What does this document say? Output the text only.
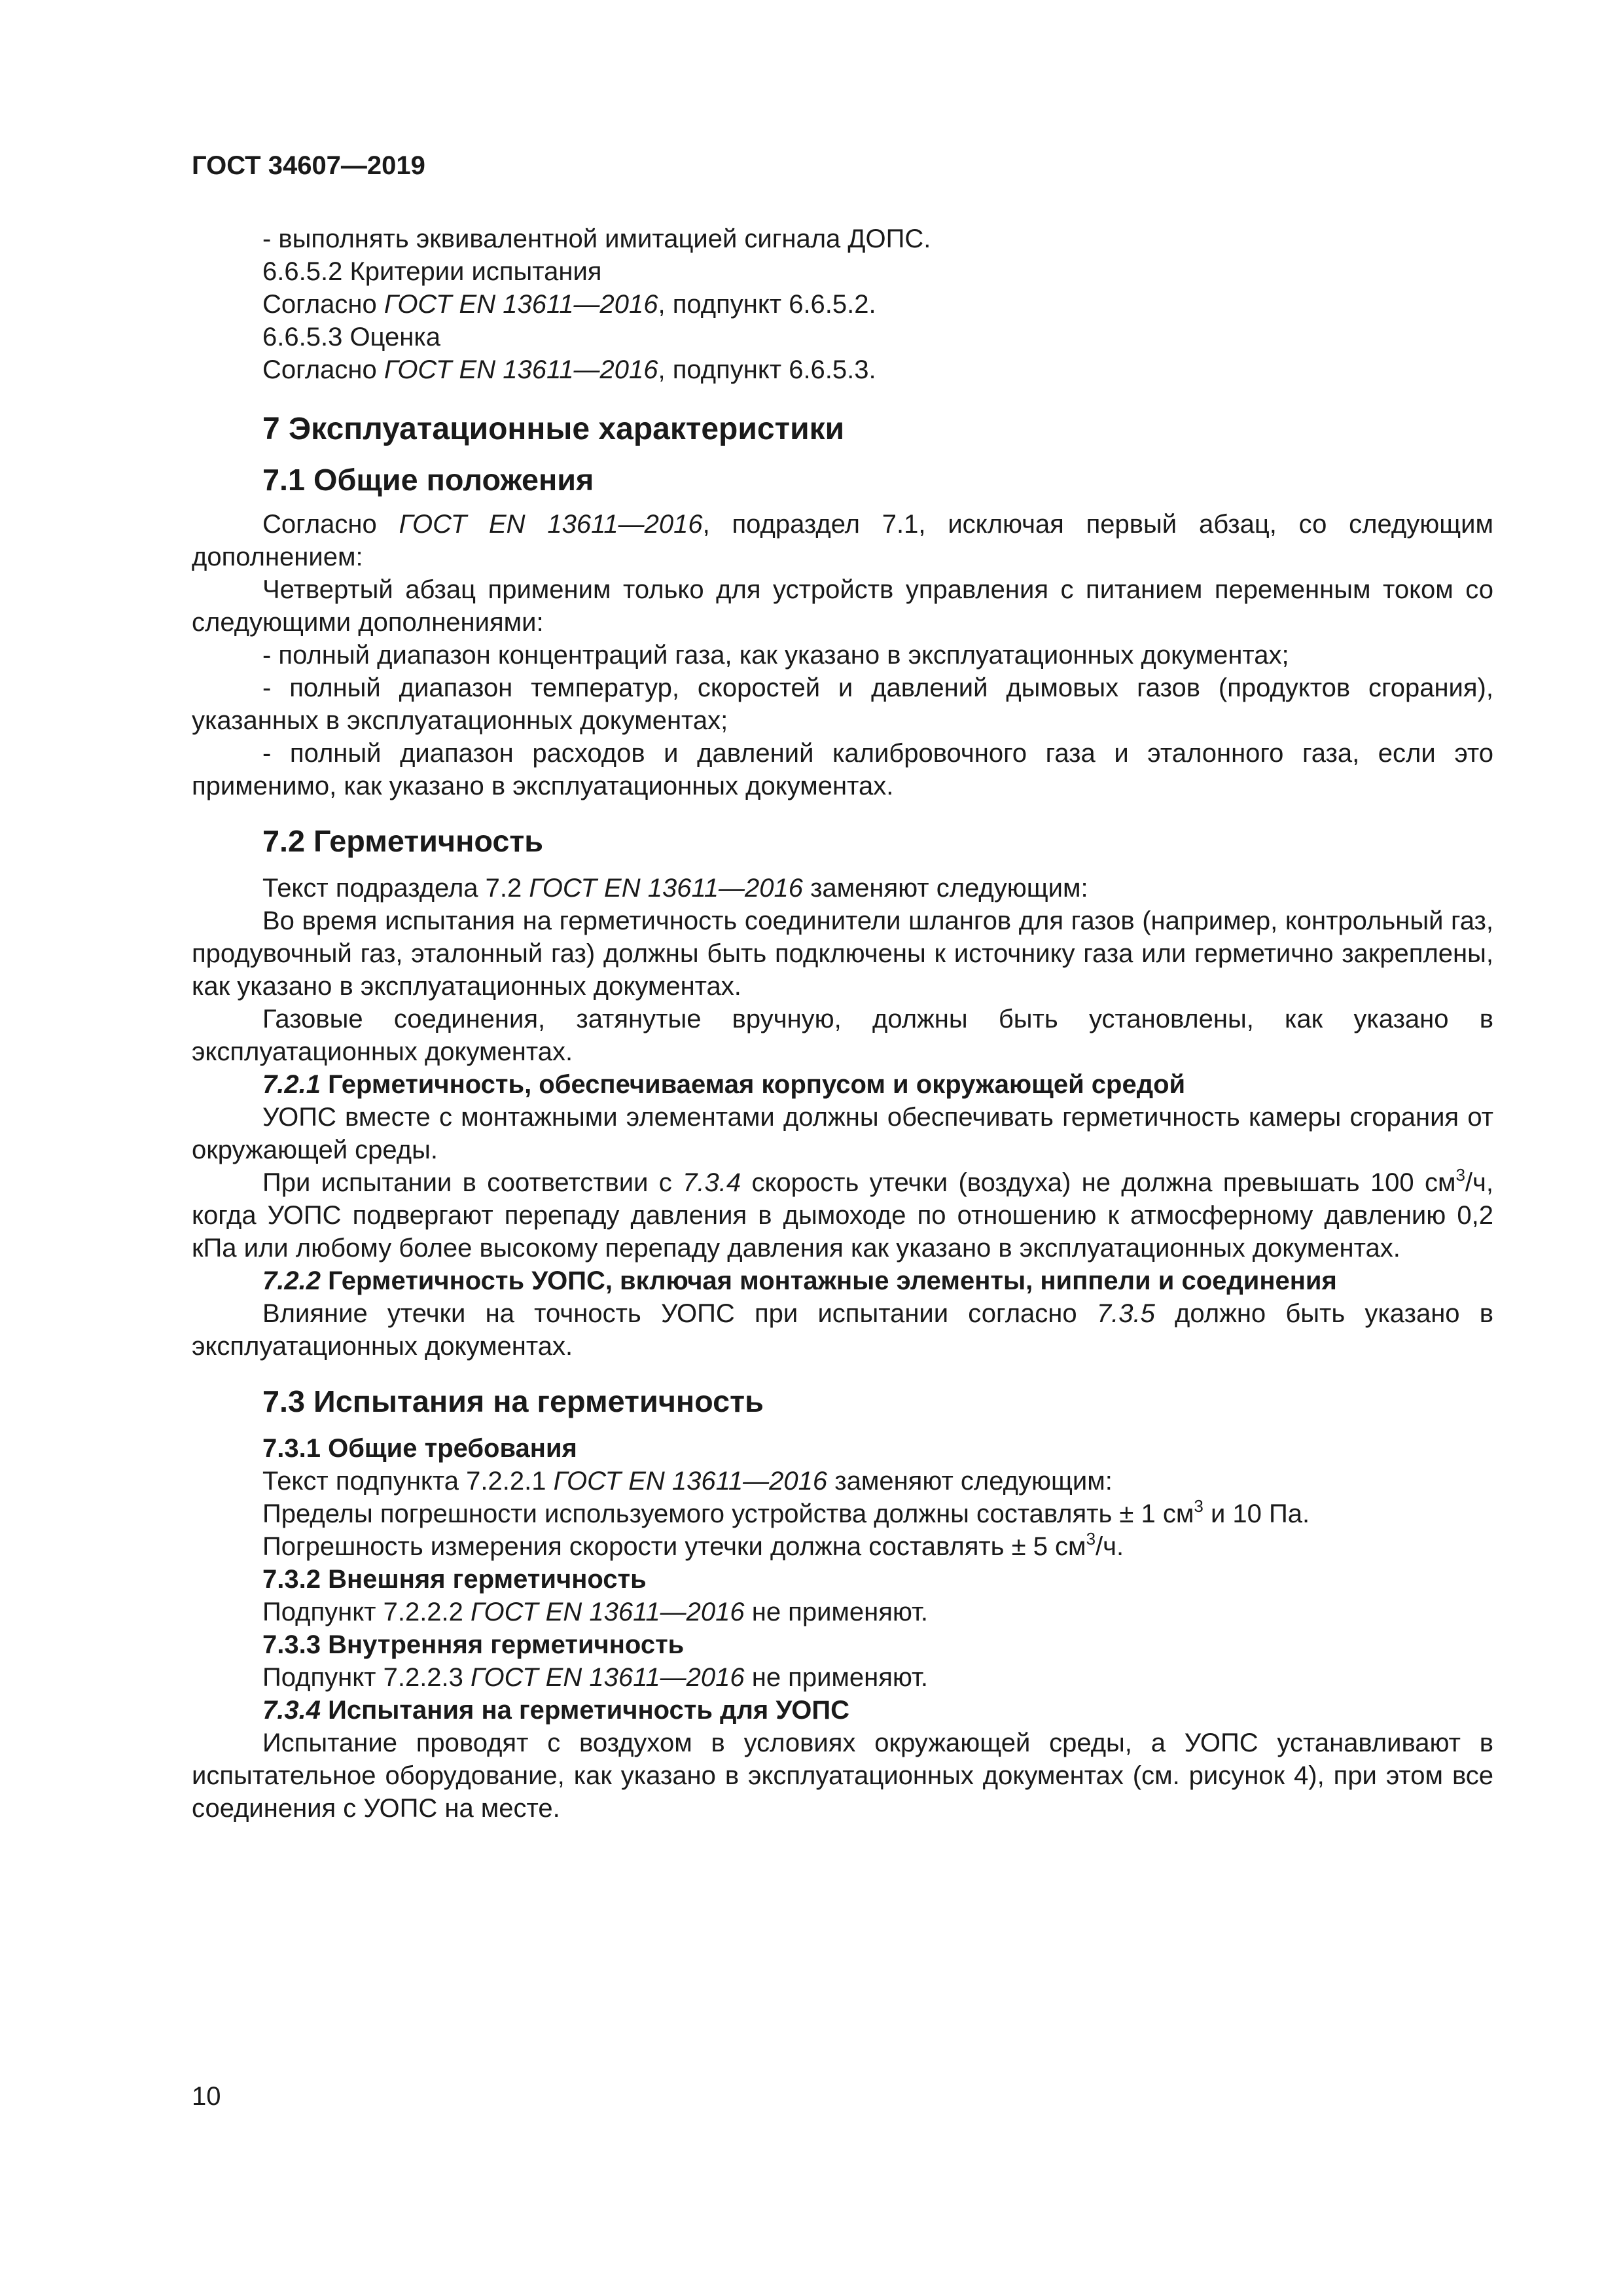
ГОСТ 34607—2019

- выполнять эквивалентной имитацией сигнала ДОПС.

6.6.5.2 Критерии испытания

Согласно ГОСТ EN 13611—2016, подпункт 6.6.5.2.

6.6.5.3 Оценка

Согласно ГОСТ EN 13611—2016, подпункт 6.6.5.3.

7 Эксплуатационные характеристики
7.1 Общие положения

Согласно ГОСТ EN 13611—2016, подраздел 7.1, исключая первый абзац, со следующим дополнением:

Четвертый абзац применим только для устройств управления с питанием переменным током со следующими дополнениями:

- полный диапазон концентраций газа, как указано в эксплуатационных документах;

- полный диапазон температур, скоростей и давлений дымовых газов (продуктов сгорания), указанных в эксплуатационных документах;

- полный диапазон расходов и давлений калибровочного газа и эталонного газа, если это применимо, как указано в эксплуатационных документах.

7.2 Герметичность

Текст подраздела 7.2 ГОСТ EN 13611—2016 заменяют следующим:

Во время испытания на герметичность соединители шлангов для газов (например, контрольный газ, продувочный газ, эталонный газ) должны быть подключены к источнику газа или герметично закреплены, как указано в эксплуатационных документах.

Газовые соединения, затянутые вручную, должны быть установлены, как указано в эксплуатационных документах.

7.2.1 Герметичность, обеспечиваемая корпусом и окружающей средой

УОПС вместе с монтажными элементами должны обеспечивать герметичность камеры сгорания от окружающей среды.

При испытании в соответствии с 7.3.4 скорость утечки (воздуха) не должна превышать 100 $см^3/ч$, когда УОПС подвергают перепаду давления в дымоходе по отношению к атмосферному давлению 0,2 кПа или любому более высокому перепаду давления как указано в эксплуатационных документах.

7.2.2 Герметичность УОПС, включая монтажные элементы, ниппели и соединения

Влияние утечки на точность УОПС при испытании согласно 7.3.5 должно быть указано в эксплуатационных документах.

7.3 Испытания на герметичность

7.3.1 Общие требования

Текст подпункта 7.2.2.1 ГОСТ EN 13611—2016 заменяют следующим:

Пределы погрешности используемого устройства должны составлять ± 1 $см^3$ и 10 Па.

Погрешность измерения скорости утечки должна составлять ± 5 $см^3/ч$.

7.3.2 Внешняя герметичность

Подпункт 7.2.2.2 ГОСТ EN 13611—2016 не применяют.

7.3.3 Внутренняя герметичность

Подпункт 7.2.2.3 ГОСТ EN 13611—2016 не применяют.

7.3.4 Испытания на герметичность для УОПС

Испытание проводят с воздухом в условиях окружающей среды, а УОПС устанавливают в испытательное оборудование, как указано в эксплуатационных документах (см. рисунок 4), при этом все соединения с УОПС на месте.

10
